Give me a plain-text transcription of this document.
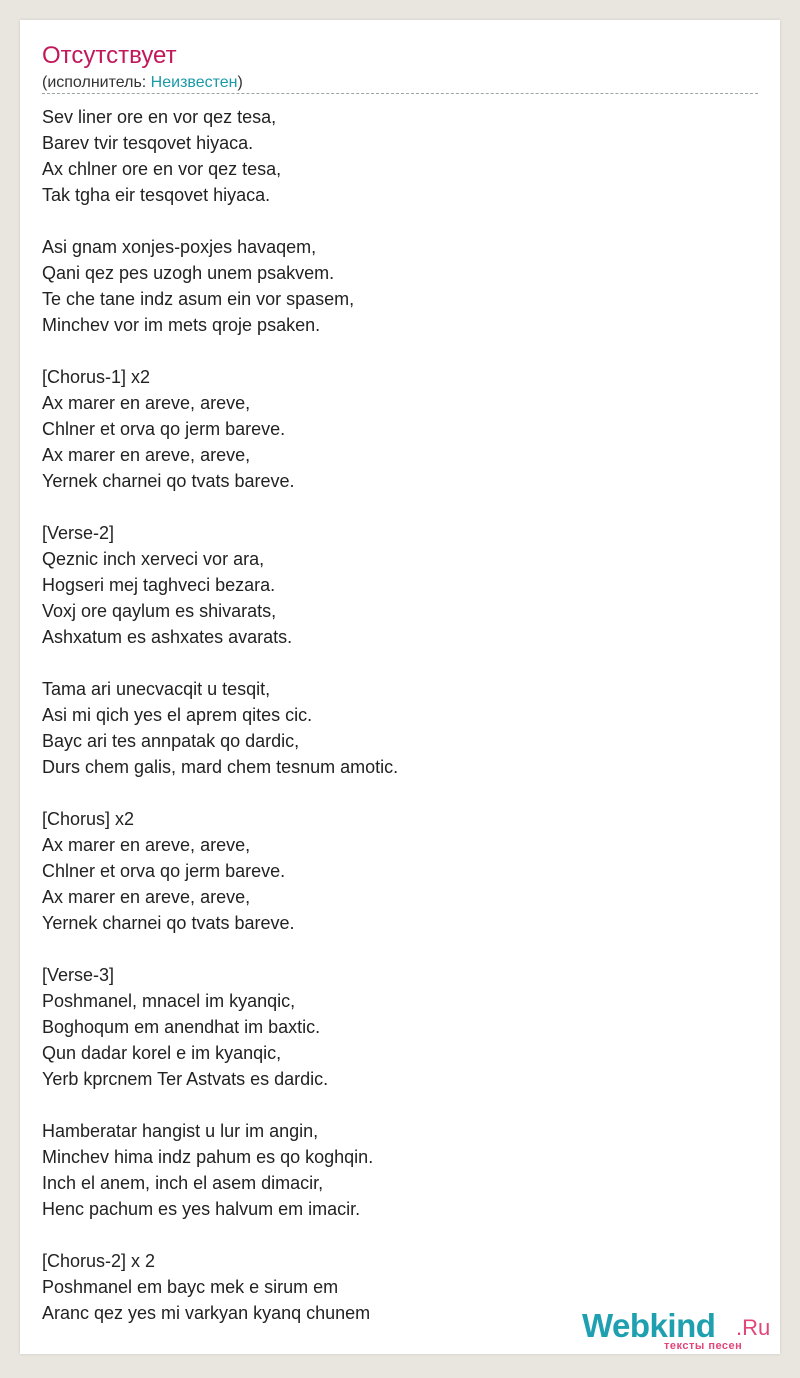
Отсутствует
(исполнитель: Неизвестен)
Sev liner ore en vor qez tesa,
Barev tvir tesqovet hiyaca.
Ax chlner ore en vor qez tesa,
Tak tgha eir tesqovet hiyaca.
Asi gnam xonjes-poxjes havaqem,
Qani qez pes uzogh unem psakvem.
Te che tane indz asum ein vor spasem,
Minchev vor im mets qroje psaken.
[Chorus-1] x2
Ax marer en areve, areve,
Chlner et orva qo jerm bareve.
Ax marer en areve, areve,
Yernek charnei qo tvats bareve.
[Verse-2]
Qeznic inch xerveci vor ara,
Hogseri mej taghveci bezara.
Voxj ore qaylum es shivarats,
Ashxatum es ashxates avarats.
Tama ari unecvacqit u tesqit,
Asi mi qich yes el aprem qites cic.
Bayc ari tes annpatak qo dardic,
Durs chem galis, mard chem tesnum amotic.
[Chorus] x2
Ax marer en areve, areve,
Chlner et orva qo jerm bareve.
Ax marer en areve, areve,
Yernek charnei qo tvats bareve.
[Verse-3]
Poshmanel, mnacel im kyanqic,
Boghoqum em anendhat im baxtic.
Qun dadar korel e im kyanqic,
Yerb kprcnem Ter Astvats es dardic.
Hamberatar hangist u lur im angin,
Minchev hima indz pahum es qo koghqin.
Inch el anem, inch el asem dimacir,
Henc pachum es yes halvum em imacir.
[Chorus-2] x 2
Poshmanel em bayc mek e sirum em
Aranc qez yes mi varkyan kyanq chunem	Webkind .Ru
тексты песен
